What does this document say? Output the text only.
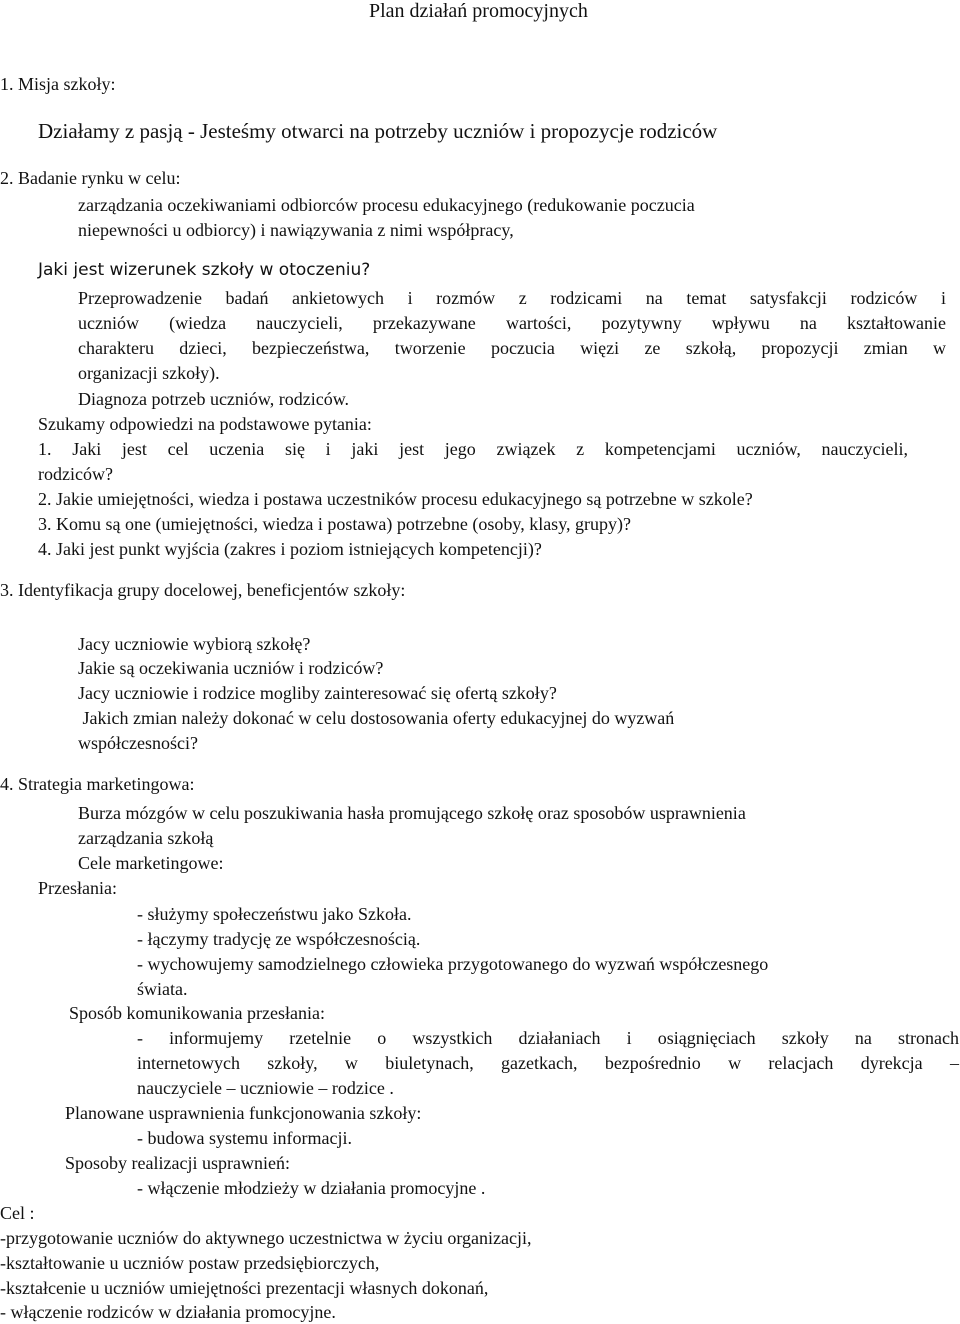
Plan działań promocyjnych

1. Misja szkoły:

Działamy z pasją - Jesteśmy otwarci na potrzeby uczniów i propozycje rodziców

2. Badanie rynku w celu:

zarządzania oczekiwaniami odbiorców procesu edukacyjnego (redukowanie poczucia

niepewności u odbiorcy) i nawiązywania z nimi współpracy,

Jaki jest wizerunek szkoły w otoczeniu?

Przeprowadzenie badań ankietowych i rozmów z rodzicami na temat satysfakcji rodziców i

uczniów (wiedza nauczycieli, przekazywane wartości, pozytywny wpływu na kształtowanie

charakteru dzieci, bezpieczeństwa, tworzenie poczucia więzi ze szkołą, propozycji zmian w

organizacji szkoły).

Diagnoza potrzeb uczniów, rodziców.

Szukamy odpowiedzi na podstawowe pytania:

1. Jaki jest cel uczenia się i jaki jest jego związek z kompetencjami uczniów, nauczycieli,

rodziców?

2. Jakie umiejętności, wiedza i postawa uczestników procesu edukacyjnego są potrzebne w szkole?

3. Komu są one (umiejętności, wiedza i postawa) potrzebne (osoby, klasy, grupy)?

4. Jaki jest punkt wyjścia (zakres i poziom istniejących kompetencji)?

3. Identyfikacja grupy docelowej, beneficjentów szkoły:

Jacy uczniowie wybiorą szkołę?

Jakie są oczekiwania uczniów i rodziców?

Jacy uczniowie i rodzice mogliby zainteresować się ofertą szkoły?

Jakich zmian należy dokonać w celu dostosowania oferty edukacyjnej do wyzwań

współczesności?

4. Strategia marketingowa:

Burza mózgów w celu poszukiwania hasła promującego szkołę oraz sposobów usprawnienia

zarządzania szkołą

Cele marketingowe:

Przesłania:

- służymy społeczeństwu jako Szkoła.

- łączymy tradycję ze współczesnością.

- wychowujemy samodzielnego człowieka przygotowanego do wyzwań współczesnego

świata.

Sposób komunikowania przesłania:

- informujemy rzetelnie o wszystkich działaniach i osiągnięciach szkoły na stronach

internetowych szkoły, w biuletynach, gazetkach, bezpośrednio w relacjach dyrekcja –

nauczyciele – uczniowie – rodzice .

Planowane usprawnienia funkcjonowania szkoły:

- budowa systemu informacji.

Sposoby realizacji usprawnień:

- włączenie młodzieży w działania promocyjne .

Cel :

-przygotowanie uczniów do aktywnego uczestnictwa w życiu organizacji,

-kształtowanie u uczniów postaw przedsiębiorczych,

-kształcenie u uczniów umiejętności prezentacji własnych dokonań,

- włączenie rodziców w działania promocyjne.
